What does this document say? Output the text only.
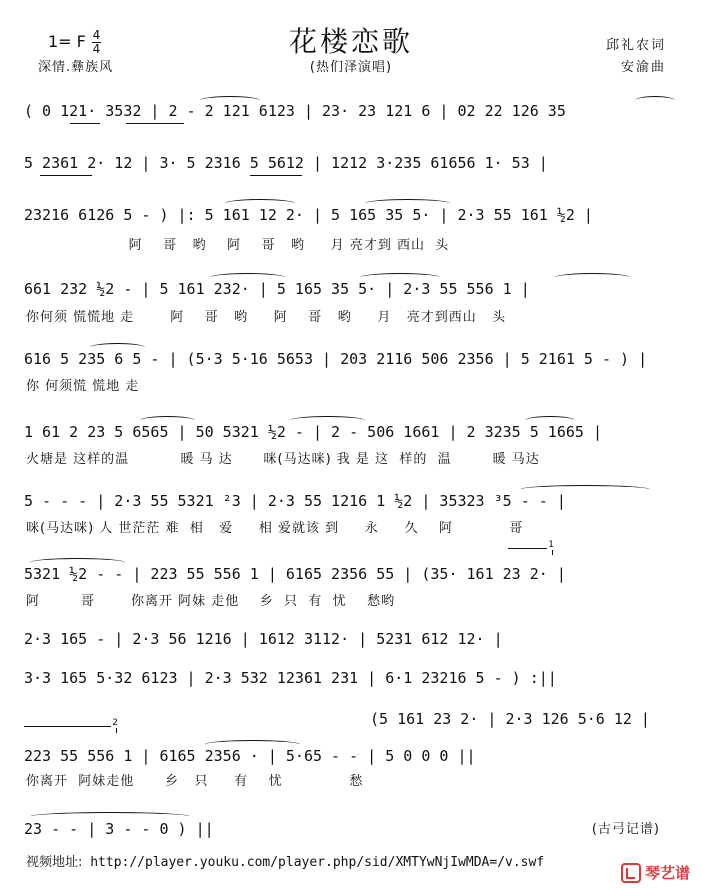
花楼恋歌
(热们泽演唱)
1= F 4
4
深情.彝族风
邱礼农词
安渝曲
( 0 121· 3532 | 2 - 2 121 6123 | 23· 23 121 6 | 02 22 126 35
5 2361 2· 12 | 3· 5 2316 5 5612 | 1212 3·235 61656 1· 53 |
23216 6126 5 - ) |: 5 161 12 2· | 5 165 35 5· | 2·3 55 161 ½2 |
阿    哥   哟    阿    哥   哟     月 亮才到 西山  头
661 232 ½2 - | 5 161 232· | 5 165 35 5· | 2·3 55 556 1 |
你何须 慌慌地 走       阿    哥   哟     阿    哥   哟     月   亮才到西山   头
616 5 235 6 5 - | (5·3 5·16 5653 | 203 2116 506 2356 | 5 2161 5 - ) |
你 何须慌 慌地 走
1 61 2 23 5 6565 | 50 5321 ½2 - | 2 - 506 1661 | 2 3235 5 1665 |
火塘是 这样的温          暖 马 达      咪(马达咪) 我 是 这  样的  温        暖 马达
5 - - - | 2·3 55 5321 ²3 | 2·3 55 1216 1 ½2 | 35323 ³5 - - |
咪(马达咪) 人 世茫茫 难  相   爱     相 爱就该 到     永     久    阿           哥
5321 ½2 - - | 223 55 556 1 | 6165 2356 55 | (35· 161 23 2· |
1
阿        哥       你离开 阿妹 走他    乡  只  有  忧    愁哟
2·3 165 - | 2·3 56 1216 | 1612 3112· | 5231 612 12· |
3·3 165 5·32 6123 | 2·3 532 12361 231 | 6·1 23216 5 - ) :||
2	(5 161 23 2· | 2·3 126 5·6 12 |
223 55 556 1 | 6165 2356 · | 5·65 - - | 5 0 0 0 ||
你离开  阿妹走他      乡   只     有    忧             愁
23 - - | 3 - - 0 ) ||	(古弓记谱)
视频地址: http://player.youku.com/player.php/sid/XMTYwNjIwMDA=/v.swf
琴艺谱
